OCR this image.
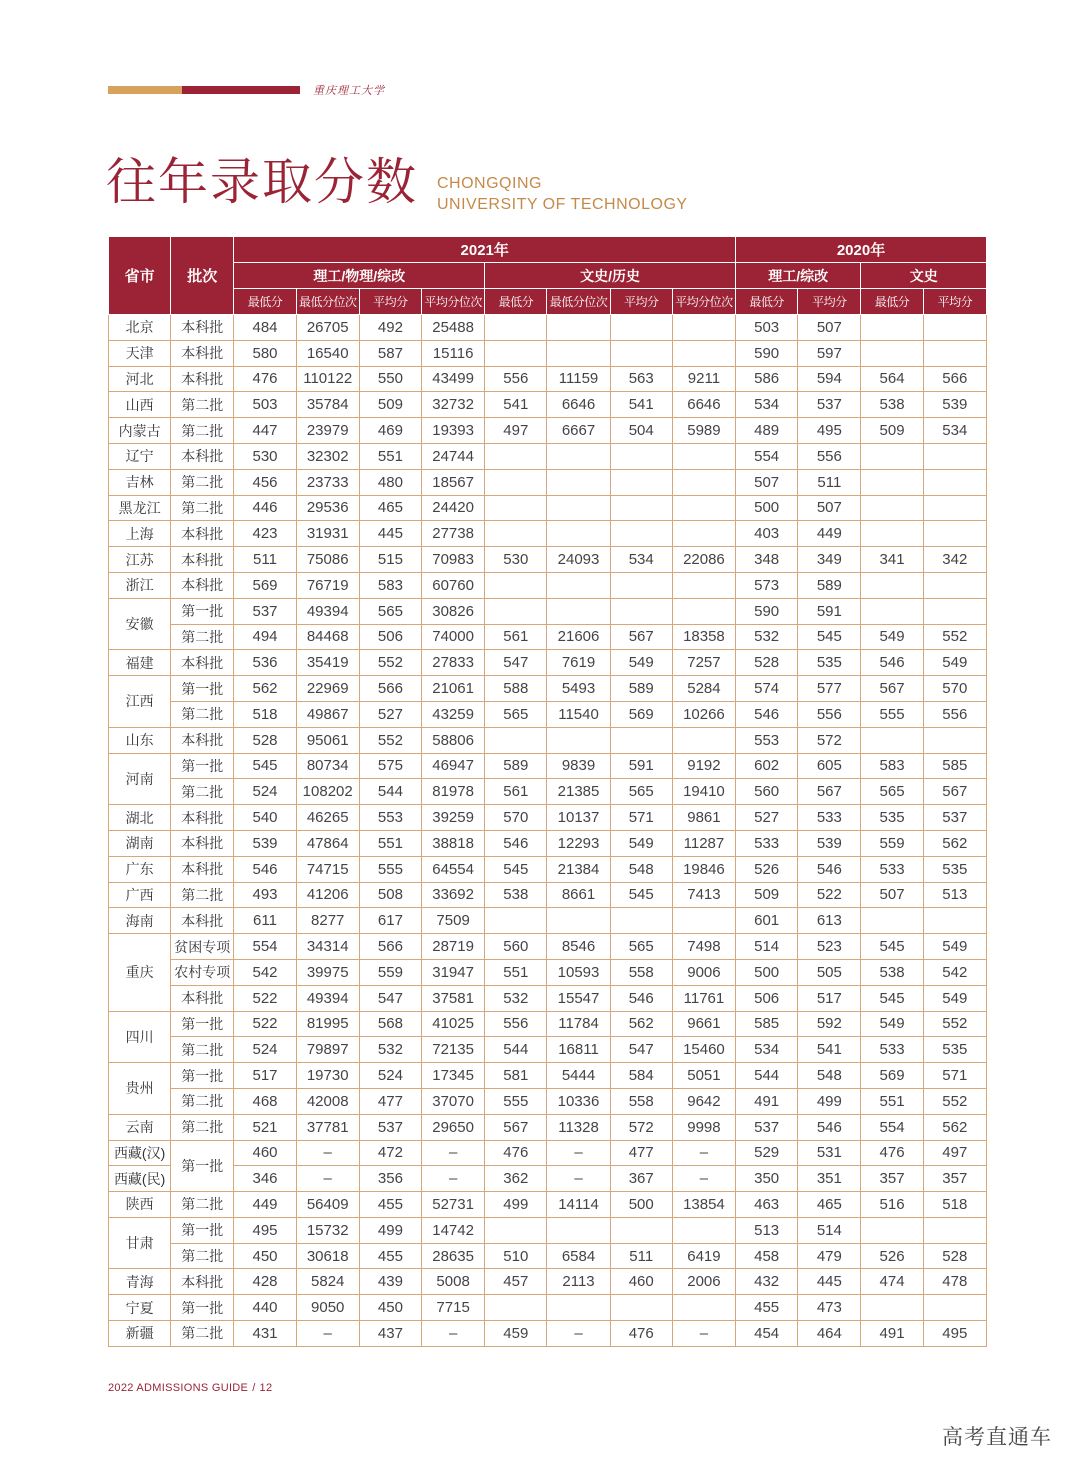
重庆理工大学
往年录取分数 CHONGQING
UNIVERSITY OF TECHNOLOGY
省市	批次	2021年								2020年			
		理工/物理/综改				文史/历史				理工/综改		文史	
		最低分	最低分位次	平均分	平均分位次	最低分	最低分位次	平均分	平均分位次	最低分	平均分	最低分	平均分
北京	本科批	484	26705	492	25488					503	507		
天津	本科批	580	16540	587	15116					590	597		
河北	本科批	476	110122	550	43499	556	11159	563	9211	586	594	564	566
山西	第二批	503	35784	509	32732	541	6646	541	6646	534	537	538	539
内蒙古	第二批	447	23979	469	19393	497	6667	504	5989	489	495	509	534
辽宁	本科批	530	32302	551	24744					554	556		
吉林	第二批	456	23733	480	18567					507	511		
黑龙江	第二批	446	29536	465	24420					500	507		
上海	本科批	423	31931	445	27738					403	449		
江苏	本科批	511	75086	515	70983	530	24093	534	22086	348	349	341	342
浙江	本科批	569	76719	583	60760					573	589		
安徽	第一批	537	49394	565	30826					590	591		
	第二批	494	84468	506	74000	561	21606	567	18358	532	545	549	552
福建	本科批	536	35419	552	27833	547	7619	549	7257	528	535	546	549
江西	第一批	562	22969	566	21061	588	5493	589	5284	574	577	567	570
	第二批	518	49867	527	43259	565	11540	569	10266	546	556	555	556
山东	本科批	528	95061	552	58806					553	572		
河南	第一批	545	80734	575	46947	589	9839	591	9192	602	605	583	585
	第二批	524	108202	544	81978	561	21385	565	19410	560	567	565	567
湖北	本科批	540	46265	553	39259	570	10137	571	9861	527	533	535	537
湖南	本科批	539	47864	551	38818	546	12293	549	11287	533	539	559	562
广东	本科批	546	74715	555	64554	545	21384	548	19846	526	546	533	535
广西	第二批	493	41206	508	33692	538	8661	545	7413	509	522	507	513
海南	本科批	611	8277	617	7509					601	613		
重庆	贫困专项	554	34314	566	28719	560	8546	565	7498	514	523	545	549
	农村专项	542	39975	559	31947	551	10593	558	9006	500	505	538	542
	本科批	522	49394	547	37581	532	15547	546	11761	506	517	545	549
四川	第一批	522	81995	568	41025	556	11784	562	9661	585	592	549	552
	第二批	524	79897	532	72135	544	16811	547	15460	534	541	533	535
贵州	第一批	517	19730	524	17345	581	5444	584	5051	544	548	569	571
	第二批	468	42008	477	37070	555	10336	558	9642	491	499	551	552
云南	第二批	521	37781	537	29650	567	11328	572	9998	537	546	554	562
西藏(汉)	第一批	460	–	472	–	476	–	477	–	529	531	476	497
西藏(民)		346	–	356	–	362	–	367	–	350	351	357	357
陕西	第二批	449	56409	455	52731	499	14114	500	13854	463	465	516	518
甘肃	第一批	495	15732	499	14742					513	514		
	第二批	450	30618	455	28635	510	6584	511	6419	458	479	526	528
青海	本科批	428	5824	439	5008	457	2113	460	2006	432	445	474	478
宁夏	第一批	440	9050	450	7715					455	473		
新疆	第二批	431	–	437	–	459	–	476	–	454	464	491	495
2022 ADMISSIONS GUIDE / 12
高考直通车
